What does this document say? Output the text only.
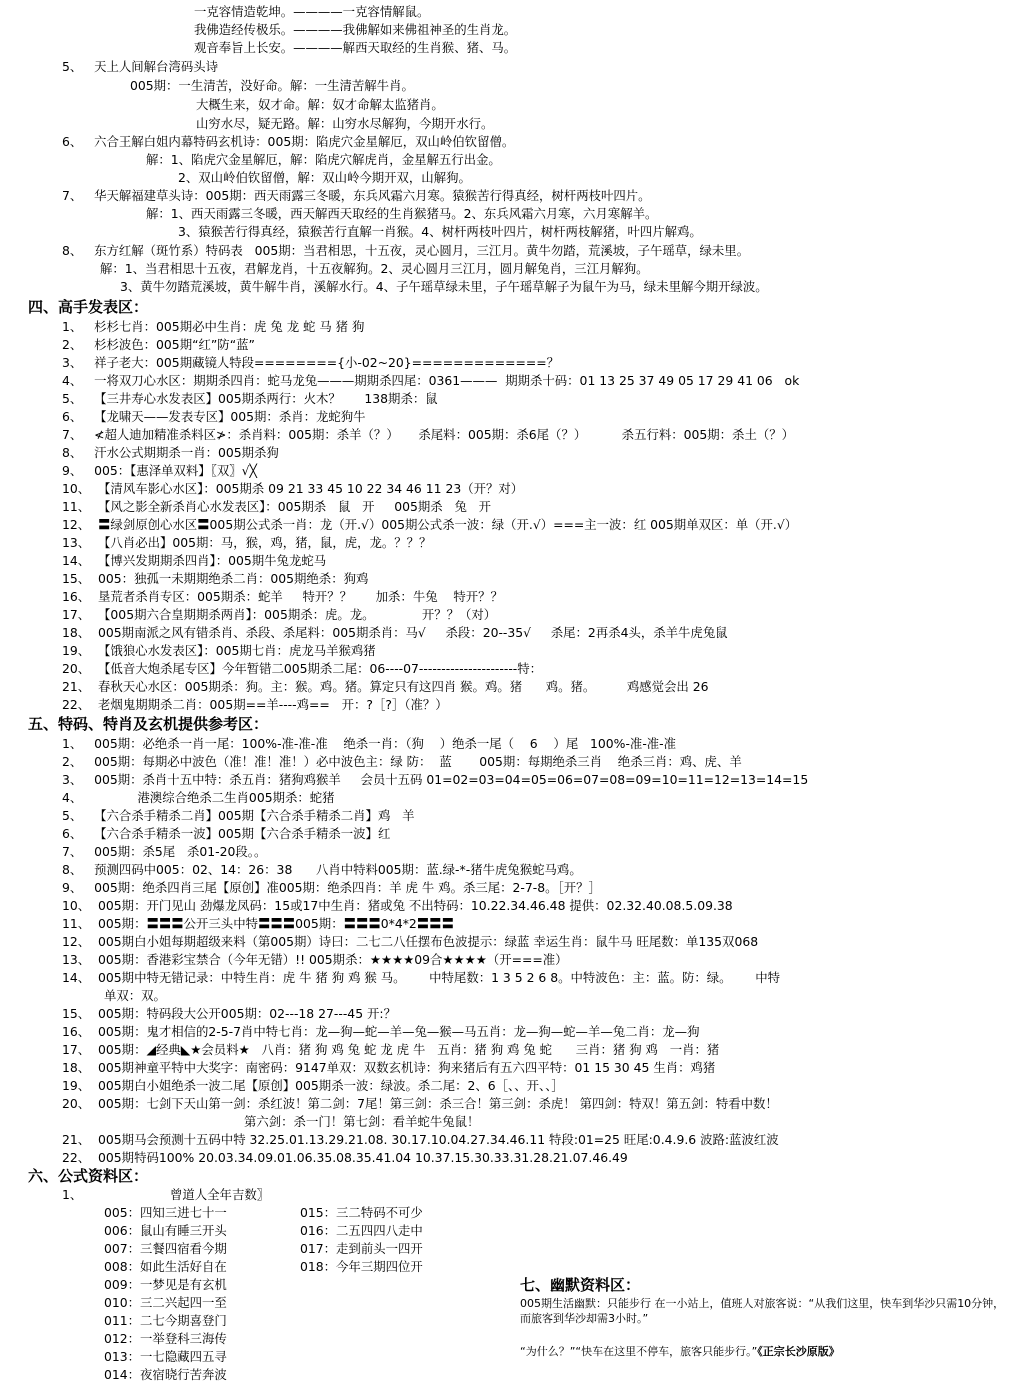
一克容情造乾坤。————一克容情解鼠。
我佛造经传极乐。————我佛解如来佛祖神圣的生肖龙。
观音奉旨上长安。————解西天取经的生肖猴、猪、马。
5、   天上人间解台湾码头诗
005期：一生清苦，没好命。解：一生清苦解牛肖。
大概生来，奴才命。解：奴才命解太监猪肖。
山穷水尽，疑无路。解：山穷水尽解狗，今期开水行。
6、   六合王解白姐内幕特码玄机诗：005期：陷虎穴金星解厄，双山岭伯钦留僧。
解：1、陷虎穴金星解厄，解：陷虎穴解虎肖，金星解五行出金。
2、双山岭伯钦留僧，解：双山岭今期开双，山解狗。
7、   华天解福建草头诗：005期：西天雨露三冬暖，东兵风霜六月寒。猿猴苦行得真经，树杆两枝叶四片。
解：1、西天雨露三冬暖，西天解西天取经的生肖猴猪马。2、东兵风霜六月寒，六月寒解羊。
3、猿猴苦行得真经，猿猴苦行直解一肖猴。4、树杆两枝叶四片，树杆两枝解猪，叶四片解鸡。
8、   东方红解（斑竹系）特码表   005期：当君相思，十五夜，灵心圆月，三江月。黄牛勿踏，荒溪坡，子午瑶草，绿未里。
解：1、当君相思十五夜，君解龙肖，十五夜解狗。2、灵心圆月三江月，圆月解兔肖，三江月解狗。
3、黄牛勿踏荒溪坡，黄牛解牛肖，溪解水行。4、子午瑶草绿未里，子午瑶草解子为鼠午为马，绿未里解今期开绿波。
四、高手发表区：
1、   杉杉七肖：005期必中生肖：虎 兔 龙 蛇 马 猪 狗
2、   杉杉波色：005期“红”防“蓝”
3、   祥子老大：005期藏镜人特段========{小-02~20}=============？
4、   一将双刀心水区：期期杀四肖：蛇马龙兔———期期杀四尾：0361———  期期杀十码：01 13 25 37 49 05 17 29 41 06   ok
5、   【三井寿心水发表区】005期杀两行：火木？      138期杀：鼠
6、   【龙啸天——发表专区】005期：杀肖：龙蛇狗牛
7、   ≮超人迪加精准杀料区≯：杀肖料：005期：杀羊（？）     杀尾料：005期：杀6尾（？）         杀五行料：005期：杀土（？）
8、   汗水公式期期杀一肖：005期杀狗
9、   005：【惠泽单双料】〖双〗√╳
10、  【清风车影心水区】：005期杀 09 21 33 45 10 22 34 46 11 23（开？对）
11、  【风之影全新杀肖心水发表区】：005期杀   鼠   开     005期杀   兔   开
12、  〓绿剑原创心水区〓005期公式杀一肖：龙（开.√）005期公式杀一波：绿（开.√）===主一波：红 005期单双区：单（开.√）
13、  【八肖必出】005期：马，猴，鸡，猪，鼠，虎，龙。？？？
14、  【博兴发期期杀四肖】：005期牛兔龙蛇马
15、  005：独孤一未期期绝杀二肖：005期绝杀：狗鸡
16、  垦荒者杀肖专区：005期杀：蛇羊     特开？？      加杀：牛兔    特开？？
17、  【005期六合皇期期杀两肖】：005期杀：虎。龙。            开？？（对）
18、  005期南派之风有错杀肖、杀段、杀尾料：005期杀肖：马√     杀段：20--35√     杀尾：2再杀4头，杀羊牛虎兔鼠
19、  【饿狼心水发表区】：005期七肖：虎龙马羊猴鸡猪
20、  【低音大炮杀尾专区】今年暂错二005期杀二尾：06----07----------------------特：
21、  春秋天心水区：005期杀：狗。主：猴。鸡。猪。算定只有这四肖 猴。鸡。猪      鸡。猪。        鸡感觉会出 26
22、  老烟鬼期期杀二肖：005期==羊----鸡==   开：?［?］（准？）
五、特码、特肖及玄机提供参考区：
1、   005期：必绝杀一肖一尾：100%-准-准-准    绝杀一肖：（狗    ）绝杀一尾（    6    ）尾   100%-准-准-准
2、   005期：每期必中波色（准！准！准！）必中波色主：绿 防：  蓝       005期：每期绝杀三肖    绝杀三肖：鸡、虎、羊
3、   005期：杀肖十五中特：杀五肖：猪狗鸡猴羊     会员十五码 01=02=03=04=05=06=07=08=09=10=11=12=13=14=15
4、              港澳综合绝杀二生肖005期杀：蛇猪
5、   【六合杀手精杀二肖】005期【六合杀手精杀二肖】鸡   羊
6、   【六合杀手精杀一波】005期【六合杀手精杀一波】红
7、   005期：杀5尾   杀01-20段。。
8、   预测四码中005：02、14：26：38      八肖中特料005期：蓝.绿-*-猪牛虎兔猴蛇马鸡。
9、   005期：绝杀四肖三尾【原创】准005期：绝杀四肖：羊 虎 牛 鸡。杀三尾：2-7-8。［开？］
10、  005期：开门见山 劲爆龙凤码：15或17中生肖：猪或兔 不出特码：10.22.34.46.48 提供：02.32.40.08.5.09.38
11、  005期：〓〓〓公开三头中特〓〓〓005期：〓〓〓0*4*2〓〓〓
12、  005期白小姐每期超级来料（第005期）诗曰：二七二八任摆布色波提示：绿蓝 幸运生肖：鼠牛马 旺尾数：单135双068
13、  005期：香港彩宝禁合（今年无错）!! 005期杀：★★★★09合★★★★（开===准）
14、  005期中特无错记录：中特生肖：虎 牛 猪 狗 鸡 猴 马。      中特尾数：1 3 5 2 6 8。中特波色：主：蓝。防：绿。      中特
单双：双。
15、  005期：特码段大公开005期：02---18 27---45 开:？
16、  005期：鬼才相信的2-5-7肖中特七肖：龙—狗—蛇—羊—兔—猴—马五肖：龙—狗—蛇—羊—兔二肖：龙—狗
17、  005期：◢经典◣★会员料★   八肖：猪 狗 鸡 兔 蛇 龙 虎 牛   五肖：猪 狗 鸡 兔 蛇      三肖：猪 狗 鸡   一肖：猪
18、  005期神童平特中大奖字：南密码：9147单双：双数玄机诗：狗来猪后有五六四平特：01 15 30 45 生肖：鸡猪
19、  005期白小姐绝杀一波二尾【原创】005期杀一波：绿波。杀二尾：2、6［、、开、、］
20、  005期：七剑下天山第一剑：杀红波！第二剑：7尾！第三剑：杀三合！第三剑：杀虎！ 第四剑：特双！第五剑：特看中数！
第六剑：杀一门！第七剑：看羊蛇牛兔鼠！
21、  005期马会预测十五码中特 32.25.01.13.29.21.08. 30.17.10.04.27.34.46.11 特段:01=25 旺尾:0.4.9.6 波路:蓝波红波
22、  005期特码100% 20.03.34.09.01.06.35.08.35.41.04 10.37.15.30.33.31.28.21.07.46.49
六、公式资料区：
1、	曾道人全年吉数〗
005：四知三进七十一
006：鼠山有睡三开头
007：三餐四宿看今期
008：如此生活好自在
009：一梦见是有玄机
010：三二兴起四一至
011：二七今期喜登门
012：一举登科三海传
013：一七隐藏四五寻
014：夜宿晓行苦奔波
015：三二特码不可少
016：二五四四八走中
017：走到前头一四开
018：今年三期四位开
七、幽默资料区：
005期生活幽默：只能步行 在一小站上，值班人对旅客说：“从我们这里，快车到华沙只需10分钟，而旅客到华沙却需3小时。”
“为什么？”“快车在这里不停车，旅客只能步行。”《正宗长沙原版》
